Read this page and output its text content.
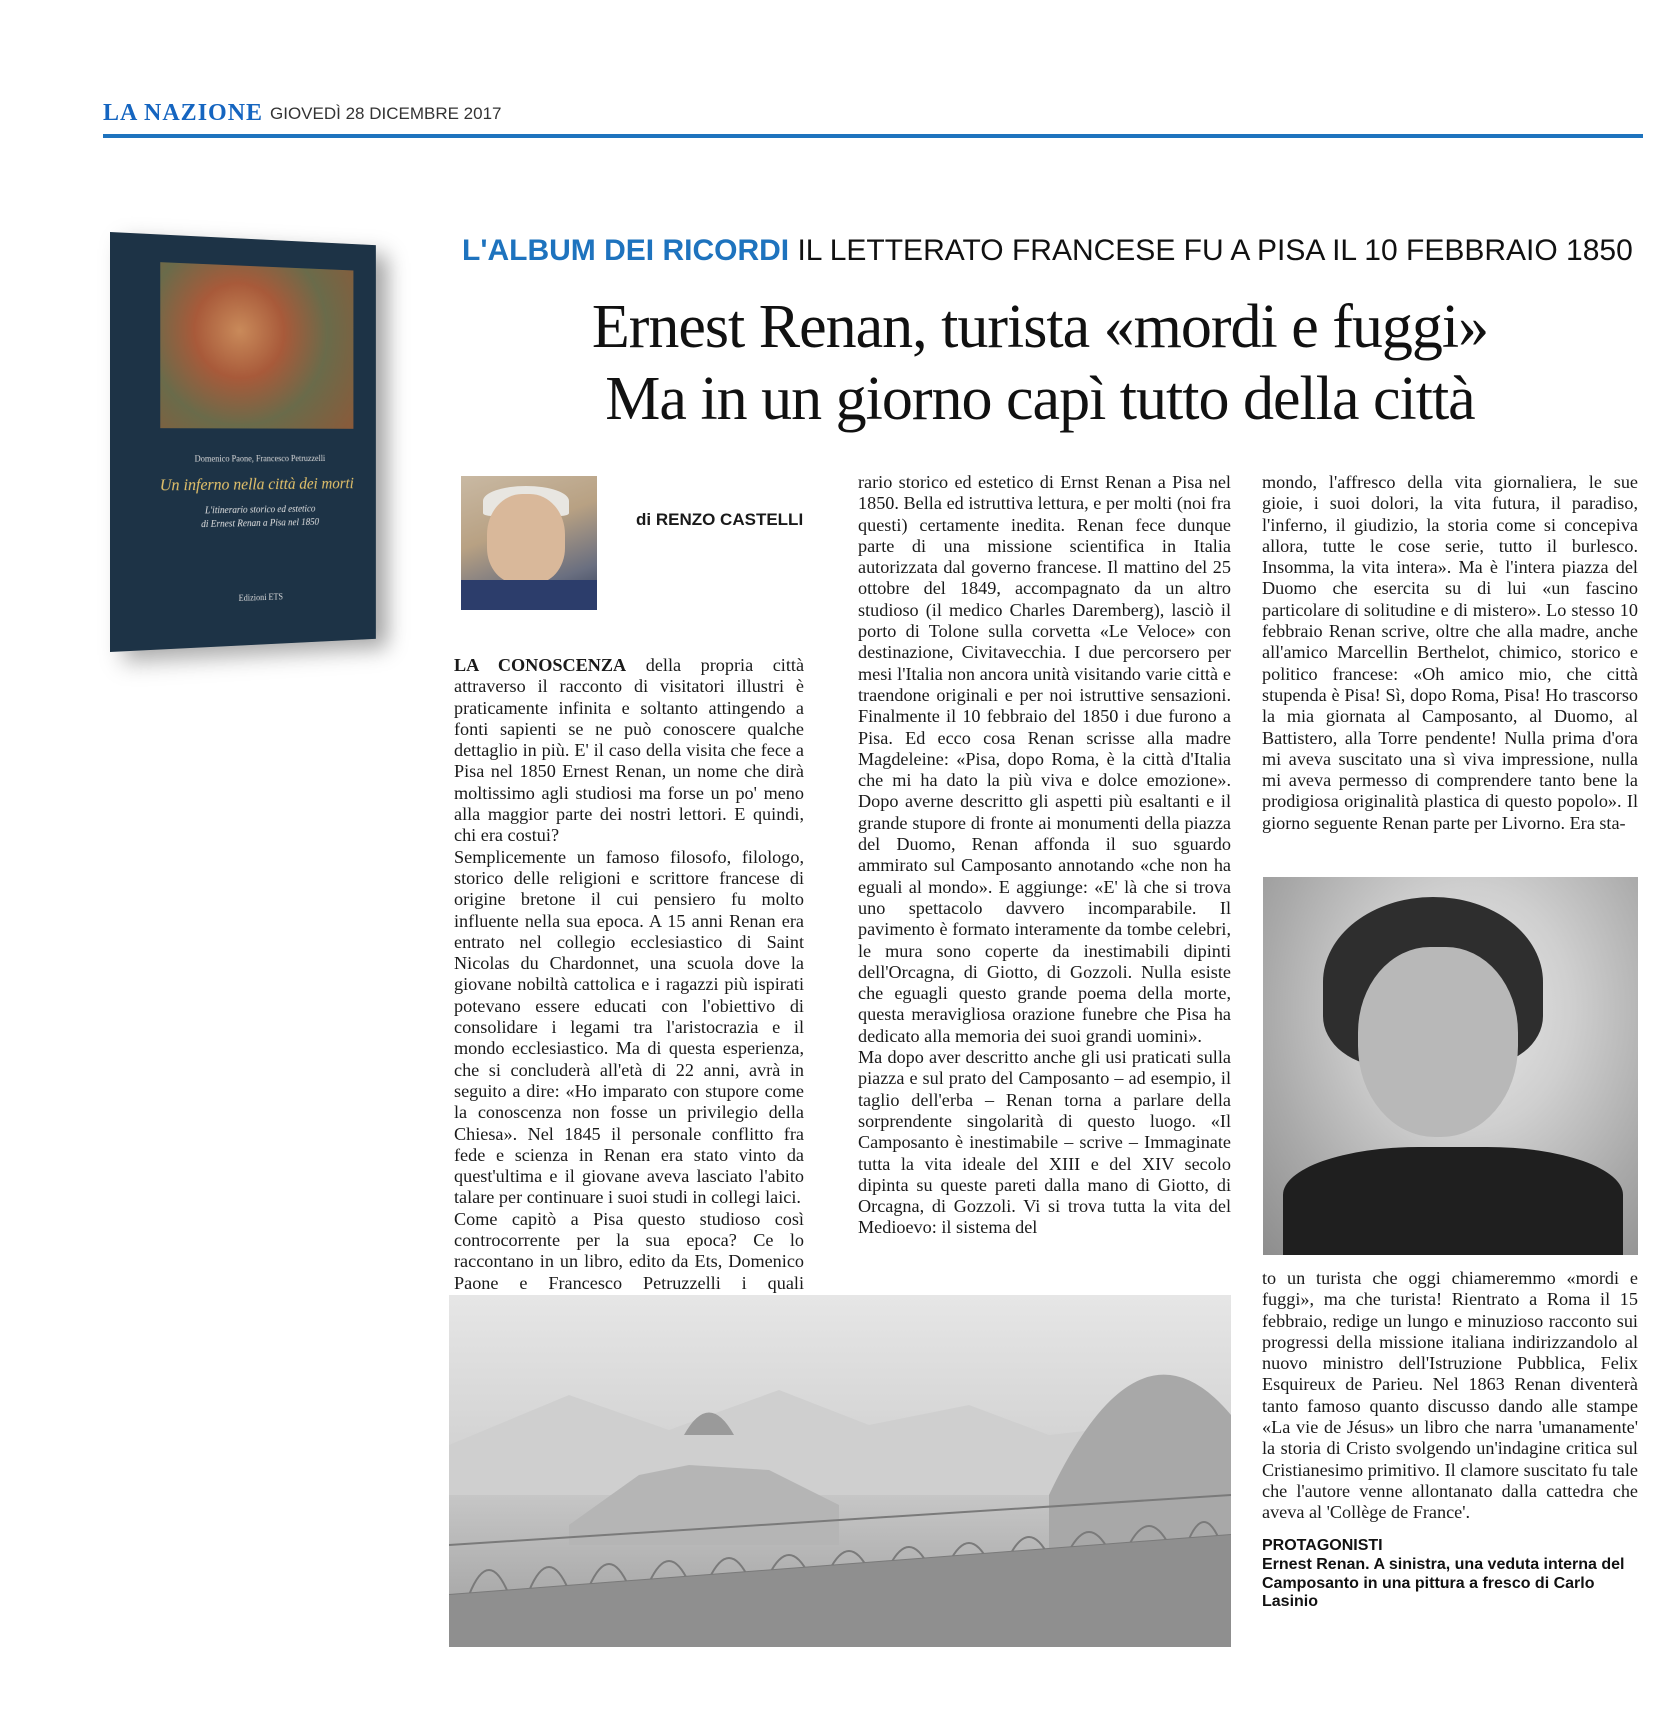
LA NAZIONE GIOVEDÌ 28 DICEMBRE 2017
Domenico Paone, Francesco Petruzzelli
Un inferno nella città dei morti
L'itinerario storico ed estetico
di Ernest Renan a Pisa nel 1850
Edizioni ETS
L'ALBUM DEI RICORDI IL LETTERATO FRANCESE FU A PISA IL 10 FEBBRAIO 1850
Ernest Renan, turista «mordi e fuggi»
Ma in un giorno capì tutto della città
di RENZO CASTELLI

LA CONOSCENZA della propria città attraverso il racconto di visitatori illustri è praticamente infinita e soltanto attingendo a fonti sapienti se ne può conoscere qualche dettaglio in più. E' il caso della visita che fece a Pisa nel 1850 Ernest Renan, un nome che dirà moltissimo agli studiosi ma forse un po' meno alla maggior parte dei nostri lettori. E quindi, chi era costui?

Semplicemente un famoso filosofo, filologo, storico delle religioni e scrittore francese di origine bretone il cui pensiero fu molto influente nella sua epoca. A 15 anni Renan era entrato nel collegio ecclesiastico di Saint Nicolas du Chardonnet, una scuola dove la giovane nobiltà cattolica e i ragazzi più ispirati potevano essere educati con l'obiettivo di consolidare i legami tra l'aristocrazia e il mondo ecclesiastico. Ma di questa esperienza, che si concluderà all'età di 22 anni, avrà in seguito a dire: «Ho imparato con stupore come la conoscenza non fosse un privilegio della Chiesa». Nel 1845 il personale conflitto fra fede e scienza in Renan era stato vinto da quest'ultima e il giovane aveva lasciato l'abito talare per continuare i suoi studi in collegi laici.

Come capitò a Pisa questo studioso così controcorrente per la sua epoca? Ce lo raccontano in un libro, edito da Ets, Domenico Paone e Francesco Petruzzelli i quali

rario storico ed estetico di Ernst Renan a Pisa nel 1850. Bella ed istruttiva lettura, e per molti (noi fra questi) certamente inedita. Renan fece dunque parte di una missione scientifica in Italia autorizzata dal governo francese. Il mattino del 25 ottobre del 1849, accompagnato da un altro studioso (il medico Charles Daremberg), lasciò il porto di Tolone sulla corvetta «Le Veloce» con destinazione, Civitavecchia. I due percorsero per mesi l'Italia non ancora unità visitando varie città e traendone originali e per noi istruttive sensazioni. Finalmente il 10 febbraio del 1850 i due furono a Pisa. Ed ecco cosa Renan scrisse alla madre Magdeleine: «Pisa, dopo Roma, è la città d'Italia che mi ha dato la più viva e dolce emozione». Dopo averne descritto gli aspetti più esaltanti e il grande stupore di fronte ai monumenti della piazza del Duomo, Renan affonda il suo sguardo ammirato sul Camposanto annotando «che non ha eguali al mondo». E aggiunge: «E' là che si trova uno spettacolo davvero incomparabile. Il pavimento è formato interamente da tombe celebri, le mura sono coperte da inestimabili dipinti dell'Orcagna, di Giotto, di Gozzoli. Nulla esiste che eguagli questo grande poema della morte, questa meravigliosa orazione funebre che Pisa ha dedicato alla memoria dei suoi grandi uomini».

Ma dopo aver descritto anche gli usi praticati sulla piazza e sul prato del Camposanto – ad esempio, il taglio dell'erba – Renan torna a parlare della sorprendente singolarità di questo luogo. «Il Camposanto è inestimabile – scrive – Immaginate tutta la vita ideale del XIII e del XIV secolo dipinta su queste pareti dalla mano di Giotto, di Orcagna, di Gozzoli. Vi si trova tutta la vita del Medioevo: il sistema del

mondo, l'affresco della vita giornaliera, le sue gioie, i suoi dolori, la vita futura, il paradiso, l'inferno, il giudizio, la storia come si concepiva allora, tutte le cose serie, tutto il burlesco. Insomma, la vita intera». Ma è l'intera piazza del Duomo che esercita su di lui «un fascino particolare di solitudine e di mistero». Lo stesso 10 febbraio Renan scrive, oltre che alla madre, anche all'amico Marcellin Berthelot, chimico, storico e politico francese: «Oh amico mio, che città stupenda è Pisa! Sì, dopo Roma, Pisa! Ho trascorso la mia giornata al Camposanto, al Duomo, al Battistero, alla Torre pendente! Nulla prima d'ora mi aveva suscitato una sì viva impressione, nulla mi aveva permesso di comprendere tanto bene la prodigiosa originalità plastica di questo popolo». Il giorno seguente Renan parte per Livorno. Era sta-

to un turista che oggi chiameremmo «mordi e fuggi», ma che turista! Rientrato a Roma il 15 febbraio, redige un lungo e minuzioso racconto sui progressi della missione italiana indirizzandolo al nuovo ministro dell'Istruzione Pubblica, Felix Esquireux de Parieu. Nel 1863 Renan diventerà tanto famoso quanto discusso dando alle stampe «La vie de Jésus» un libro che narra 'umanamente' la storia di Cristo svolgendo un'indagine critica sul Cristianesimo primitivo. Il clamore suscitato fu tale che l'autore venne allontanato dalla cattedra che aveva al 'Collège de France'.

PROTAGONISTI
Ernest Renan. A sinistra, una veduta interna del Camposanto in una pittura a fresco di Carlo Lasinio
